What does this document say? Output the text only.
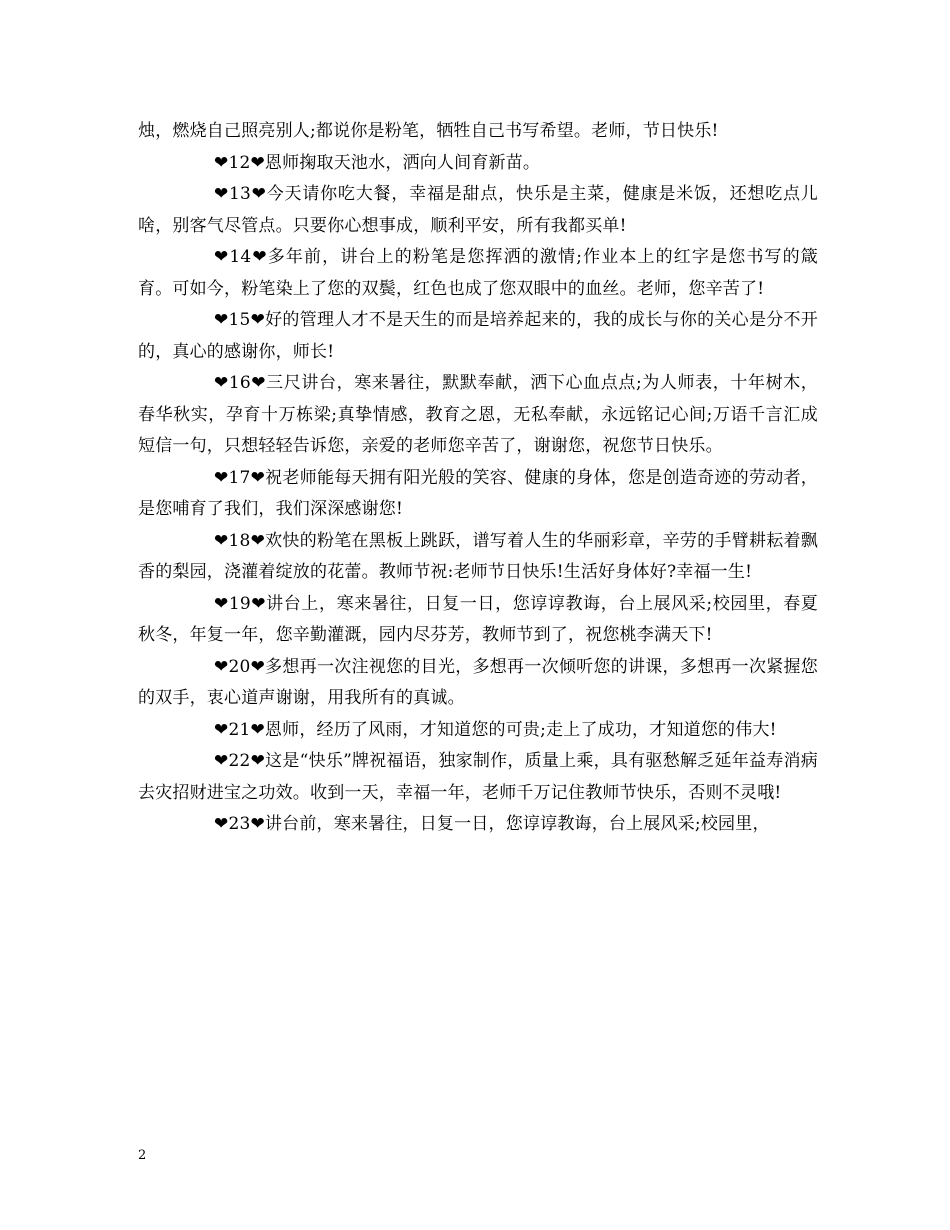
烛，燃烧自己照亮别人;都说你是粉笔，牺牲自己书写希望。老师，节日快乐!

❤12❤恩师掬取天池水，洒向人间育新苗。

❤13❤今天请你吃大餐，幸福是甜点，快乐是主菜，健康是米饭，还想吃点儿啥，别客气尽管点。只要你心想事成，顺利平安，所有我都买单!

❤14❤多年前，讲台上的粉笔是您挥洒的激情;作业本上的红字是您书写的箴育。可如今，粉笔染上了您的双鬓，红色也成了您双眼中的血丝。老师，您辛苦了!

❤15❤好的管理人才不是天生的而是培养起来的，我的成长与你的关心是分不开的，真心的感谢你，师长!

❤16❤三尺讲台，寒来暑往，默默奉献，洒下心血点点;为人师表，十年树木，春华秋实，孕育十万栋梁;真挚情感，教育之恩，无私奉献，永远铭记心间;万语千言汇成短信一句，只想轻轻告诉您，亲爱的老师您辛苦了，谢谢您，祝您节日快乐。

❤17❤祝老师能每天拥有阳光般的笑容、健康的身体，您是创造奇迹的劳动者，是您哺育了我们，我们深深感谢您!

❤18❤欢快的粉笔在黑板上跳跃，谱写着人生的华丽彩章，辛劳的手臂耕耘着飘香的梨园，浇灌着绽放的花蕾。教师节祝:老师节日快乐!生活好身体好?幸福一生!

❤19❤讲台上，寒来暑往，日复一日，您谆谆教诲，台上展风采;校园里，春夏秋冬，年复一年，您辛勤灌溉，园内尽芬芳，教师节到了，祝您桃李满天下!

❤20❤多想再一次注视您的目光，多想再一次倾听您的讲课，多想再一次紧握您的双手，衷心道声谢谢，用我所有的真诚。

❤21❤恩师，经历了风雨，才知道您的可贵;走上了成功，才知道您的伟大!

❤22❤这是“快乐”牌祝福语，独家制作，质量上乘，具有驱愁解乏延年益寿消病去灾招财进宝之功效。收到一天，幸福一年，老师千万记住教师节快乐，否则不灵哦!

❤23❤讲台前，寒来暑往，日复一日，您谆谆教诲，台上展风采;校园里，

2
